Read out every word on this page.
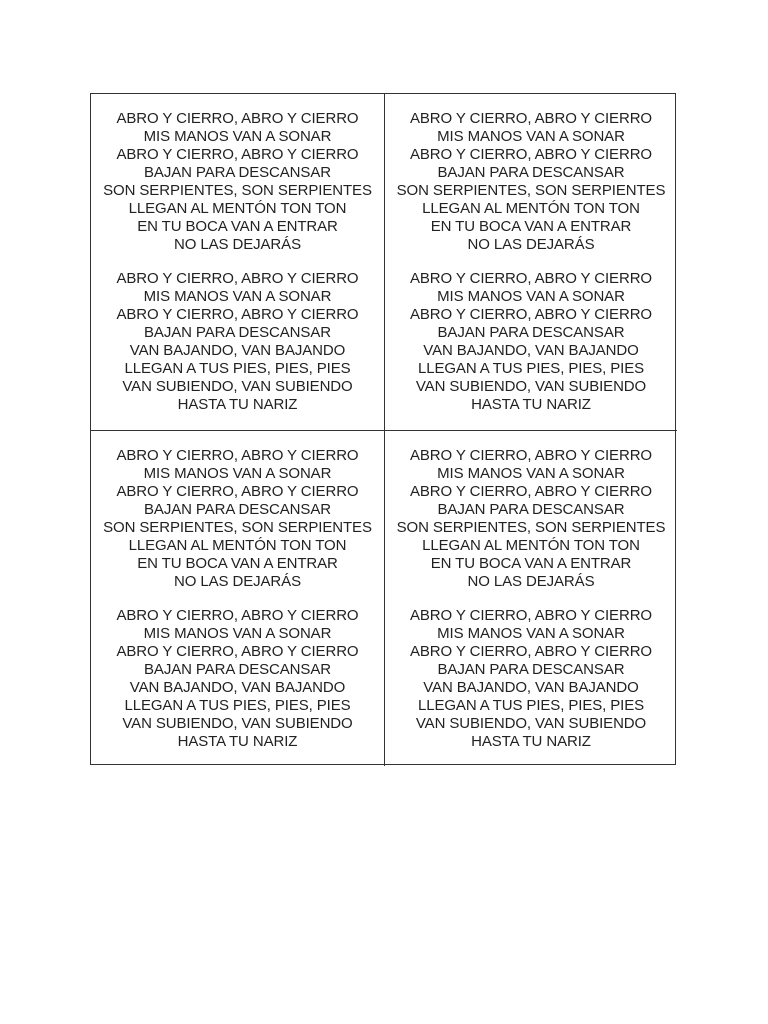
ABRO Y CIERRO, ABRO Y CIERRO
MIS MANOS VAN A SONAR
ABRO Y CIERRO, ABRO Y CIERRO
BAJAN PARA DESCANSAR
SON SERPIENTES, SON SERPIENTES
LLEGAN AL MENTÓN TON TON
EN TU BOCA VAN A ENTRAR
NO LAS DEJARÁS

ABRO Y CIERRO, ABRO Y CIERRO
MIS MANOS VAN A SONAR
ABRO Y CIERRO, ABRO Y CIERRO
BAJAN PARA DESCANSAR
VAN BAJANDO, VAN BAJANDO
LLEGAN A TUS PIES, PIES, PIES
VAN SUBIENDO, VAN SUBIENDO
HASTA TU NARIZ

ABRO Y CIERRO, ABRO Y CIERRO
MIS MANOS VAN A SONAR
ABRO Y CIERRO, ABRO Y CIERRO
BAJAN PARA DESCANSAR
SON SERPIENTES, SON SERPIENTES
LLEGAN AL MENTÓN TON TON
EN TU BOCA VAN A ENTRAR
NO LAS DEJARÁS

ABRO Y CIERRO, ABRO Y CIERRO
MIS MANOS VAN A SONAR
ABRO Y CIERRO, ABRO Y CIERRO
BAJAN PARA DESCANSAR
VAN BAJANDO, VAN BAJANDO
LLEGAN A TUS PIES, PIES, PIES
VAN SUBIENDO, VAN SUBIENDO
HASTA TU NARIZ

ABRO Y CIERRO, ABRO Y CIERRO
MIS MANOS VAN A SONAR
ABRO Y CIERRO, ABRO Y CIERRO
BAJAN PARA DESCANSAR
SON SERPIENTES, SON SERPIENTES
LLEGAN AL MENTÓN TON TON
EN TU BOCA VAN A ENTRAR
NO LAS DEJARÁS

ABRO Y CIERRO, ABRO Y CIERRO
MIS MANOS VAN A SONAR
ABRO Y CIERRO, ABRO Y CIERRO
BAJAN PARA DESCANSAR
VAN BAJANDO, VAN BAJANDO
LLEGAN A TUS PIES, PIES, PIES
VAN SUBIENDO, VAN SUBIENDO
HASTA TU NARIZ

ABRO Y CIERRO, ABRO Y CIERRO
MIS MANOS VAN A SONAR
ABRO Y CIERRO, ABRO Y CIERRO
BAJAN PARA DESCANSAR
SON SERPIENTES, SON SERPIENTES
LLEGAN AL MENTÓN TON TON
EN TU BOCA VAN A ENTRAR
NO LAS DEJARÁS

ABRO Y CIERRO, ABRO Y CIERRO
MIS MANOS VAN A SONAR
ABRO Y CIERRO, ABRO Y CIERRO
BAJAN PARA DESCANSAR
VAN BAJANDO, VAN BAJANDO
LLEGAN A TUS PIES, PIES, PIES
VAN SUBIENDO, VAN SUBIENDO
HASTA TU NARIZ
